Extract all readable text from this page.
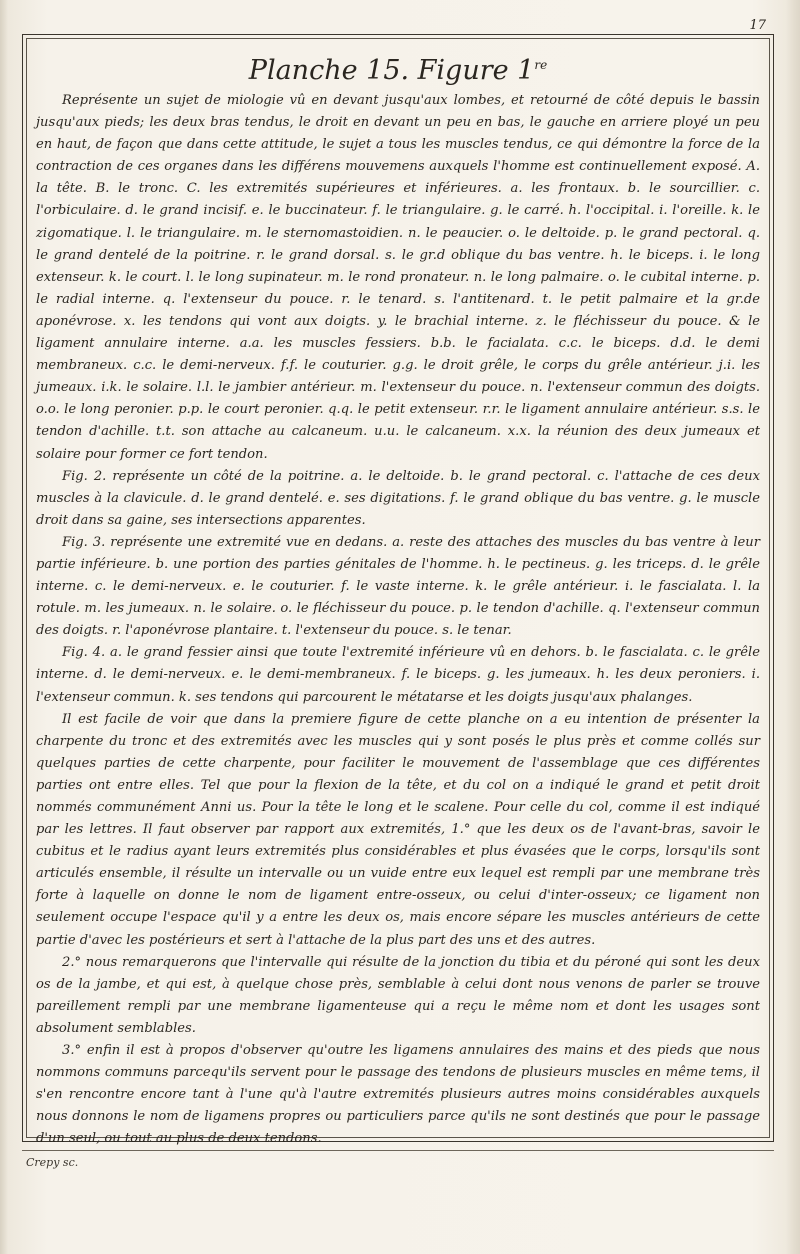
17
Planche 15. Figure 1re

Représente un sujet de miologie vû en devant jusqu'aux lombes, et retourné de côté depuis le bassin jusqu'aux pieds; les deux bras tendus, le droit en devant un peu en bas, le gauche en arriere ployé un peu en haut, de façon que dans cette attitude, le sujet a tous les muscles tendus, ce qui démontre la force de la contraction de ces organes dans les différens mouvemens auxquels l'homme est continuellement exposé. A. la tête. B. le tronc. C. les extremités supérieures et inférieures. a. les frontaux. b. le sourcillier. c. l'orbiculaire. d. le grand incisif. e. le buccinateur. f. le triangulaire. g. le carré. h. l'occipital. i. l'oreille. k. le zigomatique. l. le triangulaire. m. le sternomastoidien. n. le peaucier. o. le deltoide. p. le grand pectoral. q. le grand dentelé de la poitrine. r. le grand dorsal. s. le gr.d oblique du bas ventre. h. le biceps. i. le long extenseur. k. le court. l. le long supinateur. m. le rond pronateur. n. le long palmaire. o. le cubital interne. p. le radial interne. q. l'extenseur du pouce. r. le tenard. s. l'antitenard. t. le petit palmaire et la gr.de aponévrose. x. les tendons qui vont aux doigts. y. le brachial interne. z. le fléchisseur du pouce. & le ligament annulaire interne. a.a. les muscles fessiers. b.b. le facialata. c.c. le biceps. d.d. le demi membraneux. c.c. le demi-nerveux. f.f. le couturier. g.g. le droit grêle, le corps du grêle antérieur. j.i. les jumeaux. i.k. le solaire. l.l. le jambier antérieur. m. l'extenseur du pouce. n. l'extenseur commun des doigts. o.o. le long peronier. p.p. le court peronier. q.q. le petit extenseur. r.r. le ligament annulaire antérieur. s.s. le tendon d'achille. t.t. son attache au calcaneum. u.u. le calcaneum. x.x. la réunion des deux jumeaux et solaire pour former ce fort tendon.

Fig. 2. représente un côté de la poitrine. a. le deltoide. b. le grand pectoral. c. l'attache de ces deux muscles à la clavicule. d. le grand dentelé. e. ses digitations. f. le grand oblique du bas ventre. g. le muscle droit dans sa gaine, ses intersections apparentes.

Fig. 3. représente une extremité vue en dedans. a. reste des attaches des muscles du bas ventre à leur partie inférieure. b. une portion des parties génitales de l'homme. h. le pectineus. g. les triceps. d. le grêle interne. c. le demi-nerveux. e. le couturier. f. le vaste interne. k. le grêle antérieur. i. le fascialata. l. la rotule. m. les jumeaux. n. le solaire. o. le fléchisseur du pouce. p. le tendon d'achille. q. l'extenseur commun des doigts. r. l'aponévrose plantaire. t. l'extenseur du pouce. s. le tenar.

Fig. 4. a. le grand fessier ainsi que toute l'extremité inférieure vû en dehors. b. le fascialata. c. le grêle interne. d. le demi-nerveux. e. le demi-membraneux. f. le biceps. g. les jumeaux. h. les deux peroniers. i. l'extenseur commun. k. ses tendons qui parcourent le métatarse et les doigts jusqu'aux phalanges.

Il est facile de voir que dans la premiere figure de cette planche on a eu intention de présenter la charpente du tronc et des extremités avec les muscles qui y sont posés le plus près et comme collés sur quelques parties de cette charpente, pour faciliter le mouvement de l'assemblage que ces différentes parties ont entre elles. Tel que pour la flexion de la tête, et du col on a indiqué le grand et petit droit nommés communément Anni us. Pour la tête le long et le scalene. Pour celle du col, comme il est indiqué par les lettres. Il faut observer par rapport aux extremités, 1.° que les deux os de l'avant-bras, savoir le cubitus et le radius ayant leurs extremités plus considérables et plus évasées que le corps, lorsqu'ils sont articulés ensemble, il résulte un intervalle ou un vuide entre eux lequel est rempli par une membrane très forte à laquelle on donne le nom de ligament entre-osseux, ou celui d'inter-osseux; ce ligament non seulement occupe l'espace qu'il y a entre les deux os, mais encore sépare les muscles antérieurs de cette partie d'avec les postérieurs et sert à l'attache de la plus part des uns et des autres.

2.° nous remarquerons que l'intervalle qui résulte de la jonction du tibia et du péroné qui sont les deux os de la jambe, et qui est, à quelque chose près, semblable à celui dont nous venons de parler se trouve pareillement rempli par une membrane ligamenteuse qui a reçu le même nom et dont les usages sont absolument semblables.

3.° enfin il est à propos d'observer qu'outre les ligamens annulaires des mains et des pieds que nous nommons communs parcequ'ils servent pour le passage des tendons de plusieurs muscles en même tems, il s'en rencontre encore tant à l'une qu'à l'autre extremités plusieurs autres moins considérables auxquels nous donnons le nom de ligamens propres ou particuliers parce qu'ils ne sont destinés que pour le passage d'un seul, ou tout au plus de deux tendons.

Crepy sc.
